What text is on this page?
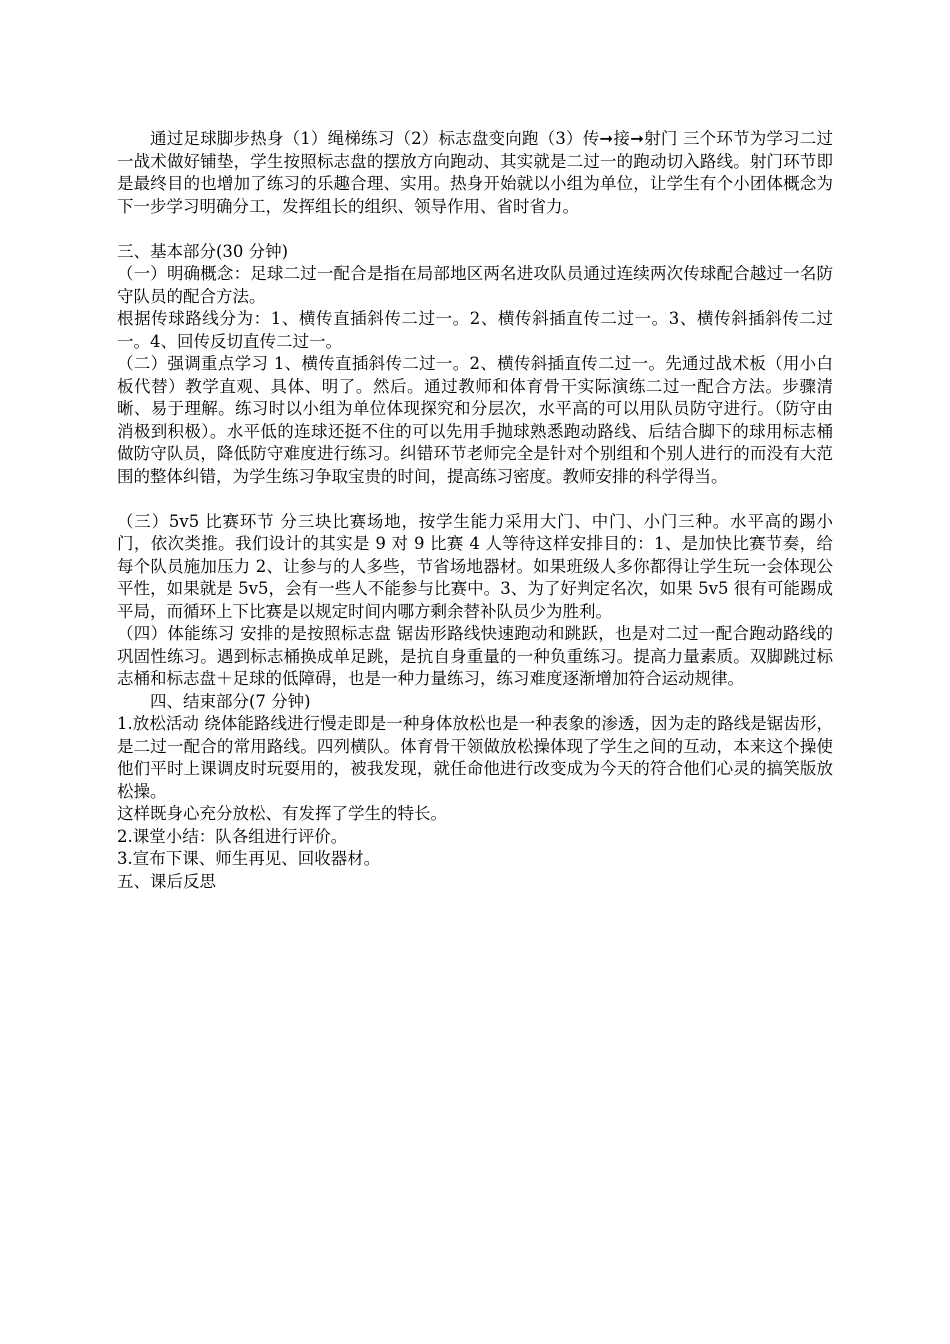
通过足球脚步热身（1）绳梯练习（2）标志盘变向跑（3）传➞接➞射门 三个环节为学习二过一战术做好铺垫，学生按照标志盘的摆放方向跑动、其实就是二过一的跑动切入路线。射门环节即是最终目的也增加了练习的乐趣合理、实用。热身开始就以小组为单位，让学生有个小团体概念为下一步学习明确分工，发挥组长的组织、领导作用、省时省力。

三、基本部分(30 分钟)

（一）明确概念：足球二过一配合是指在局部地区两名进攻队员通过连续两次传球配合越过一名防守队员的配合方法。

根据传球路线分为：1、横传直插斜传二过一。2、横传斜插直传二过一。3、横传斜插斜传二过一。4、回传反切直传二过一。

（二）强调重点学习 1、横传直插斜传二过一。2、横传斜插直传二过一。先通过战术板（用小白板代替）教学直观、具体、明了。然后。通过教师和体育骨干实际演练二过一配合方法。步骤清晰、易于理解。练习时以小组为单位体现探究和分层次，水平高的可以用队员防守进行。（防守由消极到积极）。水平低的连球还挺不住的可以先用手抛球熟悉跑动路线、后结合脚下的球用标志桶做防守队员，降低防守难度进行练习。纠错环节老师完全是针对个别组和个别人进行的而没有大范围的整体纠错，为学生练习争取宝贵的时间，提高练习密度。教师安排的科学得当。

（三）5v5 比赛环节 分三块比赛场地，按学生能力采用大门、中门、小门三种。水平高的踢小门，依次类推。我们设计的其实是 9 对 9 比赛 4 人等待这样安排目的：1、是加快比赛节奏，给每个队员施加压力 2、让参与的人多些，节省场地器材。如果班级人多你都得让学生玩一会体现公平性，如果就是 5v5，会有一些人不能参与比赛中。3、为了好判定名次，如果 5v5 很有可能踢成平局，而循环上下比赛是以规定时间内哪方剩余替补队员少为胜利。

（四）体能练习 安排的是按照标志盘 锯齿形路线快速跑动和跳跃，也是对二过一配合跑动路线的巩固性练习。遇到标志桶换成单足跳，是抗自身重量的一种负重练习。提高力量素质。双脚跳过标志桶和标志盘＋足球的低障碍，也是一种力量练习，练习难度逐渐增加符合运动规律。

四、结束部分(7 分钟)

1.放松活动 绕体能路线进行慢走即是一种身体放松也是一种表象的渗透，因为走的路线是锯齿形，是二过一配合的常用路线。四列横队。体育骨干领做放松操体现了学生之间的互动，本来这个操使他们平时上课调皮时玩耍用的，被我发现，就任命他进行改变成为今天的符合他们心灵的搞笑版放松操。

这样既身心充分放松、有发挥了学生的特长。

2.课堂小结：队各组进行评价。

3.宣布下课、师生再见、回收器材。

五、课后反思
